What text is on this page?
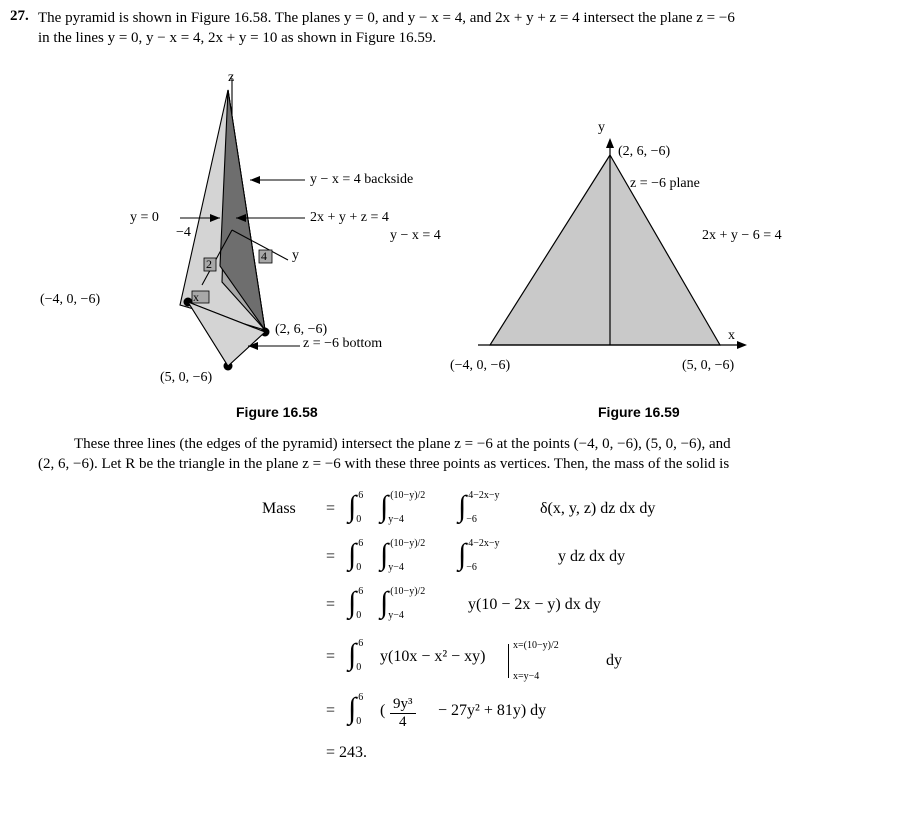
27. The pyramid is shown in Figure 16.58. The planes y = 0, and y − x = 4, and 2x + y + z = 4 intersect the plane z = −6
in the lines y = 0, y − x = 4, 2x + y = 10 as shown in Figure 16.59.
y − x = 4 backside
2x + y + z = 4
y = 0
z = −6 bottom
z
y
x
−4
2
4
(−4, 0, −6)
(2, 6, −6)
(5, 0, −6)
Figure 16.58
y
x
(2, 6, −6)
z = −6 plane
y − x = 4	2x + y − 6 = 4
(−4, 0, −6)	(5, 0, −6)
Figure 16.59
These three lines (the edges of the pyramid) intersect the plane z = −6 at the points (−4, 0, −6), (5, 0, −6), and
(2, 6, −6). Let R be the triangle in the plane z = −6 with these three points as vertices. Then, the mass of the solid is
Mass = ∫ 6
0 ∫ (10−y)/2
y−4 ∫ 4−2x−y
−6
δ(x, y, z) dz dx dy
= ∫ 6
0 ∫ (10−y)/2
y−4 ∫ 4−2x−y
−6
y dz dx dy
= ∫ 6
0 ∫ (10−y)/2
y−4
y(10 − 2x − y) dx dy
= ∫ 6
0
y(10x − x² − xy)
x=(10−y)/2
x=y−4
dy
= ∫ 6
0
( $\frac{\text{9y³}}{4} - 27y^2 + 81y$) dy
= 243.
